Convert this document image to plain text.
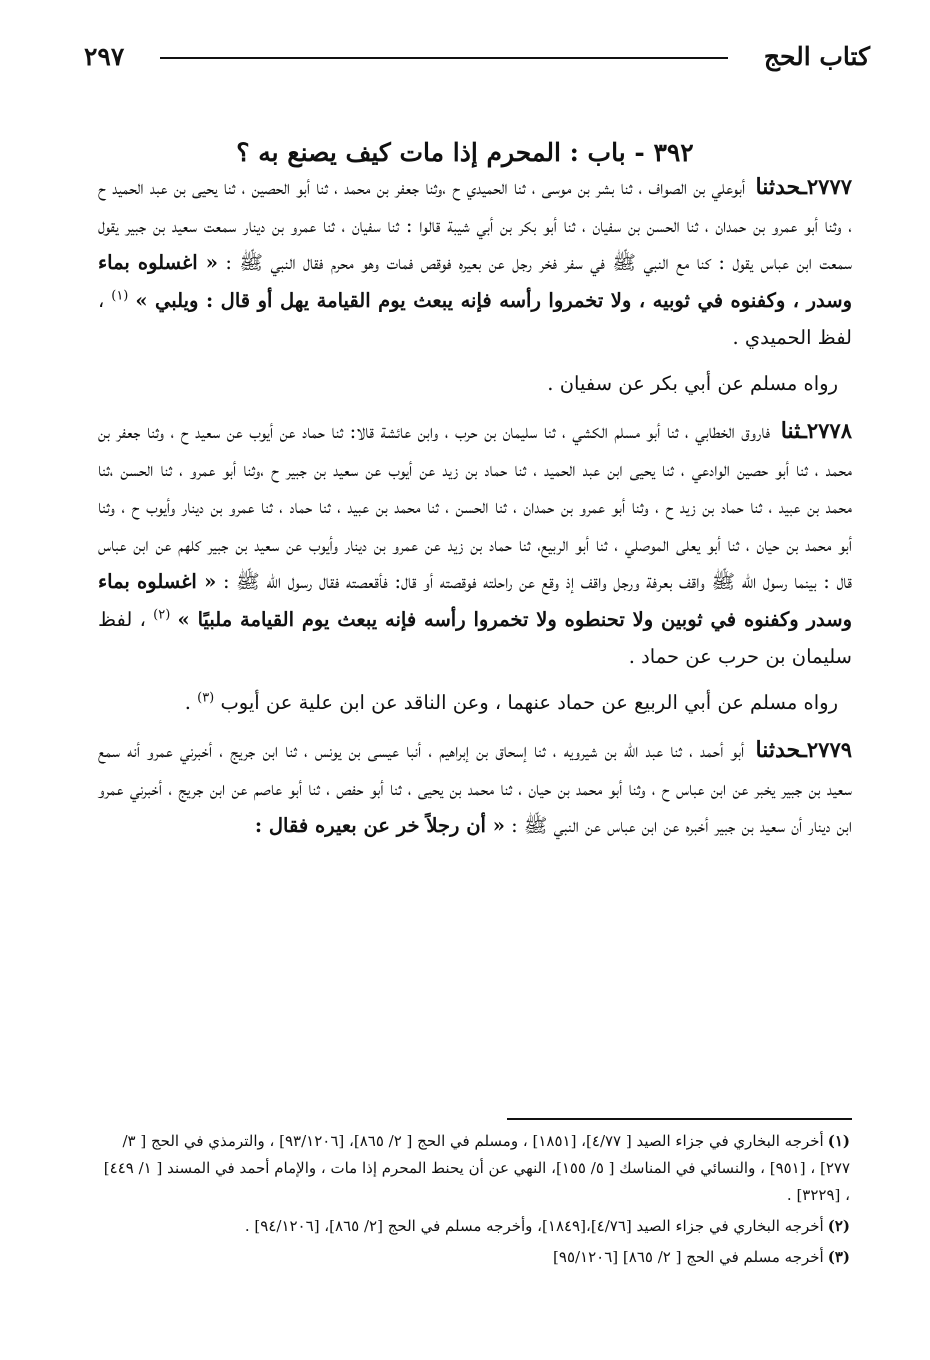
كتاب الحج
٢٩٧
٣٩٢ - باب : المحرم إذا مات كيف يصنع به ؟

٢٧٧٧ـحدثنا أبوعلي بن الصواف ، ثنا بشر بن موسى ، ثنا الحميدي ح ،وثنا جعفر بن محمد ، ثنا أبو الحصين ، ثنا يحيى بن عبد الحميد ح ، وثنا أبو عمرو بن حمدان ، ثنا الحسن بن سفيان ، ثنا أبو بكر بن أبي شيبة قالوا : ثنا سفيان ، ثنا عمرو بن دينار سمعت سعيد بن جبير يقول سمعت ابن عباس يقول : كنا مع النبي ﷺ في سفر فخر رجل عن بعيره فوقص فمات وهو محرم فقال النبي ﷺ : « اغسلوه بماء وسدر ، وكفنوه في ثوبيه ، ولا تخمروا رأسه فإنه يبعث يوم القيامة يهل أو قال : ويلبي » $^{(١)}$ ، لفظ الحميدي .

رواه مسلم عن أبي بكر عن سفيان .

٢٧٧٨ـثنا فاروق الخطابي ، ثنا أبو مسلم الكشي ، ثنا سليمان بن حرب ، وابن عائشة قالا: ثنا حماد عن أيوب عن سعيد ح ، وثنا جعفر بن محمد ، ثنا أبو حصين الوادعي ، ثنا يحيى ابن عبد الحميد ، ثنا حماد بن زيد عن أيوب عن سعيد بن جبير ح ،وثنا أبو عمرو ، ثنا الحسن ،ثنا محمد بن عبيد ، ثنا حماد بن زيد ح ، وثنا أبو عمرو بن حمدان ، ثنا الحسن ، ثنا محمد بن عبيد ، ثنا حماد ، ثنا عمرو بن دينار وأيوب ح ، وثنا أبو محمد بن حيان ، ثنا أبو يعلى الموصلي ، ثنا أبو الربيع، ثنا حماد بن زيد عن عمرو بن دينار وأيوب عن سعيد بن جبير كلهم عن ابن عباس قال : بينما رسول الله ﷺ واقف بعرفة ورجل واقف إذ وقع عن راحلته فوقصته أو قال: فأقعصته فقال رسول الله ﷺ : « اغسلوه بماء وسدر وكفنوه في ثوبين ولا تحنطوه ولا تخمروا رأسه فإنه يبعث يوم القيامة ملبيًا » $^{(٢)}$ ، لفظ سليمان بن حرب عن حماد .

رواه مسلم عن أبي الربيع عن حماد عنهما ، وعن الناقد عن ابن علية عن أيوب $^{(٣)}$ .

٢٧٧٩ـحدثنا أبو أحمد ، ثنا عبد الله بن شيرويه ، ثنا إسحاق بن إبراهيم ، أنبا عيسى بن يونس ، ثنا ابن جريج ، أخبرني عمرو أنه سمع سعيد بن جبير يخبر عن ابن عباس ح ، وثنا أبو محمد بن حيان ، ثنا محمد بن يحيى ، ثنا أبو حفص ، ثنا أبو عاصم عن ابن جريج ، أخبرني عمرو ابن دينار أن سعيد بن جبير أخبره عن ابن عباس عن النبي ﷺ : « أن رجلاً خر عن بعيره فقال :

(١)أخرجه البخاري في جزاء الصيد [ ٤/٧٧]، [١٨٥١] ، ومسلم في الحج [ ٢/ ٨٦٥]، [٩٣/١٢٠٦] ، والترمذي في الحج [ ٣/ ٢٧٧] ، [٩٥١] ، والنسائي في المناسك [ ٥/ ١٥٥]، النهي عن أن يحنط المحرم إذا مات ، والإمام أحمد في المسند [ ١/ ٤٤٩] ، [٣٢٢٩] .

(٢)أخرجه البخاري في جزاء الصيد [٤/٧٦]،[١٨٤٩]، وأخرجه مسلم في الحج [٢/ ٨٦٥]، [٩٤/١٢٠٦] .

(٣)أخرجه مسلم في الحج [ ٢/ ٨٦٥] [٩٥/١٢٠٦]
